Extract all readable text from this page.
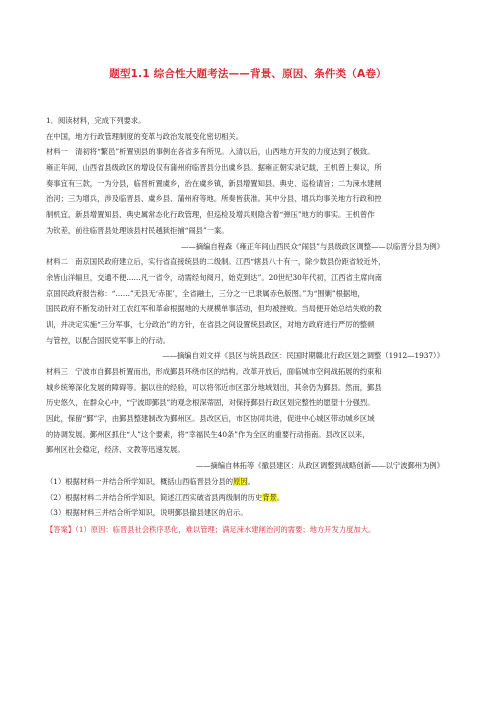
题型1.1 综合性大题考法——背景、原因、条件类（A卷）
1．阅读材料，完成下列要求。
在中国，地方行政管理制度的变革与政治发展变化密切相关。
材料一　清初将“繁邑”析置别县的事例在各省多有所见。入清以后，山西地方开发的力度达到了极致。
雍正年间，山西省县级政区的增设仅有蒲州府临晋县分出虞乡县。据雍正朝实录记载，王机曾上奏议，所
奏事宜有三款，一为分县，临晋析置虞乡，治在虞乡镇，新县增置知县、典史、巡检请旨；二为涑水建闸
治河；三为增兵，涉及临晋县、虞乡县、蒲州府等地。所奏皆获准。其中分县、增兵均事关地方行政和控
制机宜，新县增置知县、典史属常态化行政管理，但巡检及增兵则隐含着“弹压”地方的事实。王机曾作
为钦差，前往临晋县处理该县村民越狱拒捕“闹县”一案。
——摘编自程森《雍正年间山西民众“闹县”与县级政区调整——以临晋分县为例》
材料二　南京国民政府建立后，实行省直接统县的二级制。江西“辖县八十有一，除少数县份距省较近外，
余皆山洋辐旦，交通不便……凡一省令，动需经旬阅月，始克到达”。20世纪30年代初，江西省主席向南
京国民政府报告称：“……”无县无‘赤匪’，全省融土，三分之一已隶属赤色版图。”为“围剿”根据地，
国民政府不断发动针对工农红军和革命根据地的大规模单事活动，但均被挫败。当局便开始总结失败的教
训，并决定实施“三分军事，七分政治”的方针，在省县之间设置统县政区，对地方政府进行严厉的整顿
与管控，以配合国民党军事上的行动。
——摘编自刘文祥《县区与统县政区：民国时期赣北行政区划之调整（1912—1937）》
材料三　宁波市自鄞县析置而出，形成鄞县环绕市区的结构。改革开放后，面临城市空间战拓展的约束和
城乡统筹深化发展的障碍等。据以往的经验，可以将邻近市区部分地域划出，其余仍为鄞县。然而，鄞县
历史悠久，在群众心中，“宁波即鄞县”的观念根深蒂固，对保持鄞县行政区划完整性的愿望十分强烈。
因此，保留“鄞”字，由鄞县整建制改为鄞州区。县改区后，市区协同共进，促进中心城区带动城乡区域
的协调发展。鄞州区抓住“人”这个要素，将“幸福民生40条”作为全区的重要行动指南。县改区以来，
鄞州区社会稳定，经济、文教等迅速发展。
——摘编自林拓等《撤县建区：从政区调整到战略创新——以宁波鄞州为例》
（1）根据材料一并结合所学知识，概括山西临晋县分县的原因。
（2）根据材料二并结合所学知识，简述江西实破省县两级制的历史背景。
（3）根据材料三并结合所学知识，说明鄞县撤县建区的启示。
【答案】（1）原因：临晋县社会秩序恶化，难以管理；满足涑水建闸治河的需要；地方开发力度加大。
